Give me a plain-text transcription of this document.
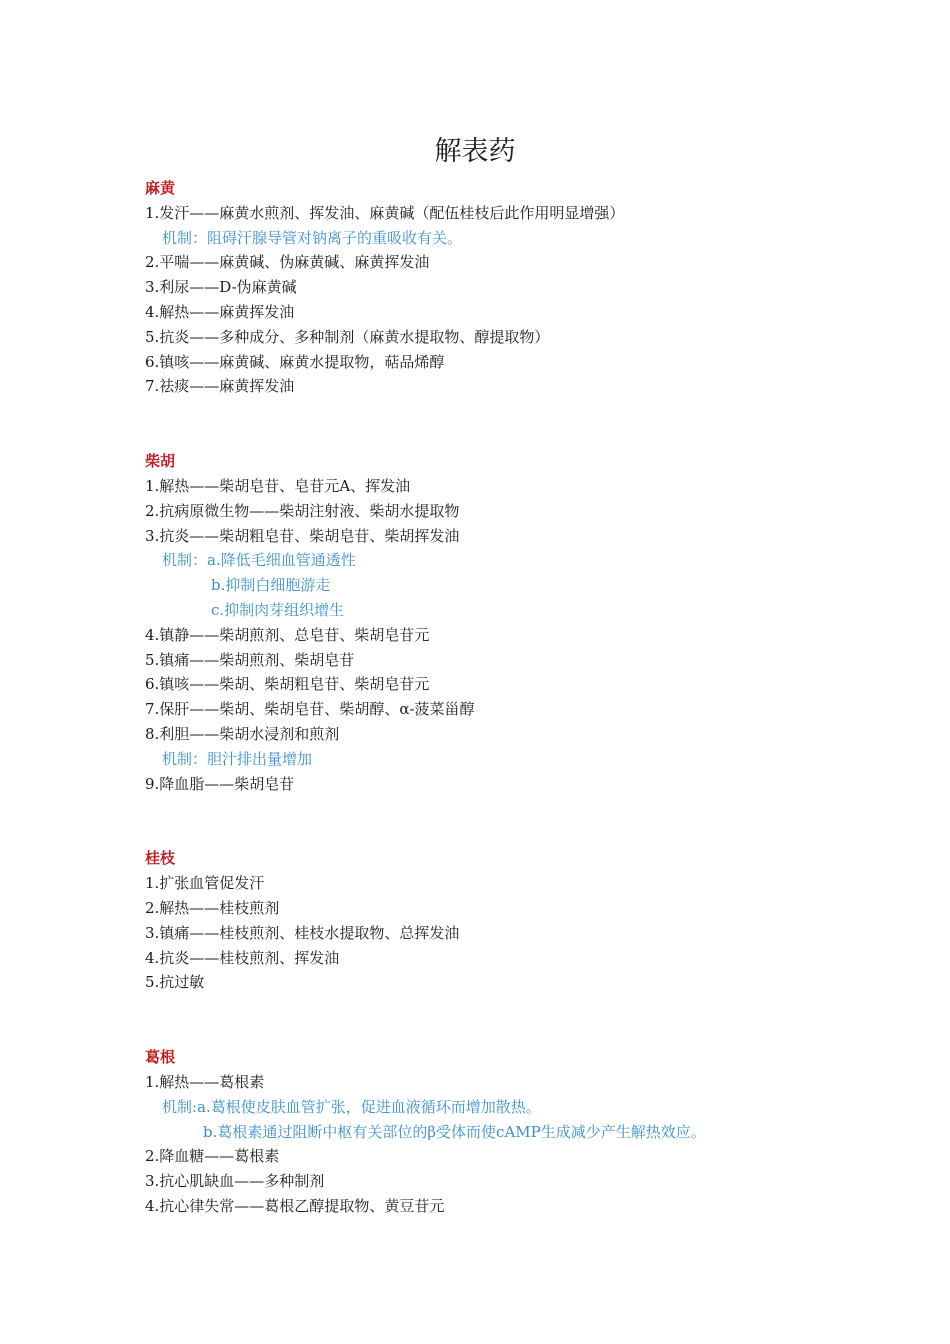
解表药
麻黄
1.发汗——麻黄水煎剂、挥发油、麻黄碱（配伍桂枝后此作用明显增强）
机制：阻碍汗腺导管对钠离子的重吸收有关。
2.平喘——麻黄碱、伪麻黄碱、麻黄挥发油
3.利尿——D-伪麻黄碱
4.解热——麻黄挥发油
5.抗炎——多种成分、多种制剂（麻黄水提取物、醇提取物）
6.镇咳——麻黄碱、麻黄水提取物，萜品烯醇
7.祛痰——麻黄挥发油
柴胡
1.解热——柴胡皂苷、皂苷元A、挥发油
2.抗病原微生物——柴胡注射液、柴胡水提取物
3.抗炎——柴胡粗皂苷、柴胡皂苷、柴胡挥发油
机制：a.降低毛细血管通透性
b.抑制白细胞游走
c.抑制肉芽组织增生
4.镇静——柴胡煎剂、总皂苷、柴胡皂苷元
5.镇痛——柴胡煎剂、柴胡皂苷
6.镇咳——柴胡、柴胡粗皂苷、柴胡皂苷元
7.保肝——柴胡、柴胡皂苷、柴胡醇、α-菠菜甾醇
8.利胆——柴胡水浸剂和煎剂
机制：胆汁排出量增加
9.降血脂——柴胡皂苷
桂枝
1.扩张血管促发汗
2.解热——桂枝煎剂
3.镇痛——桂枝煎剂、桂枝水提取物、总挥发油
4.抗炎——桂枝煎剂、挥发油
5.抗过敏
葛根
1.解热——葛根素
机制:a.葛根使皮肤血管扩张，促进血液循环而增加散热。
b.葛根素通过阻断中枢有关部位的β受体而使cAMP生成减少产生解热效应。
2.降血糖——葛根素
3.抗心肌缺血——多种制剂
4.抗心律失常——葛根乙醇提取物、黄豆苷元
